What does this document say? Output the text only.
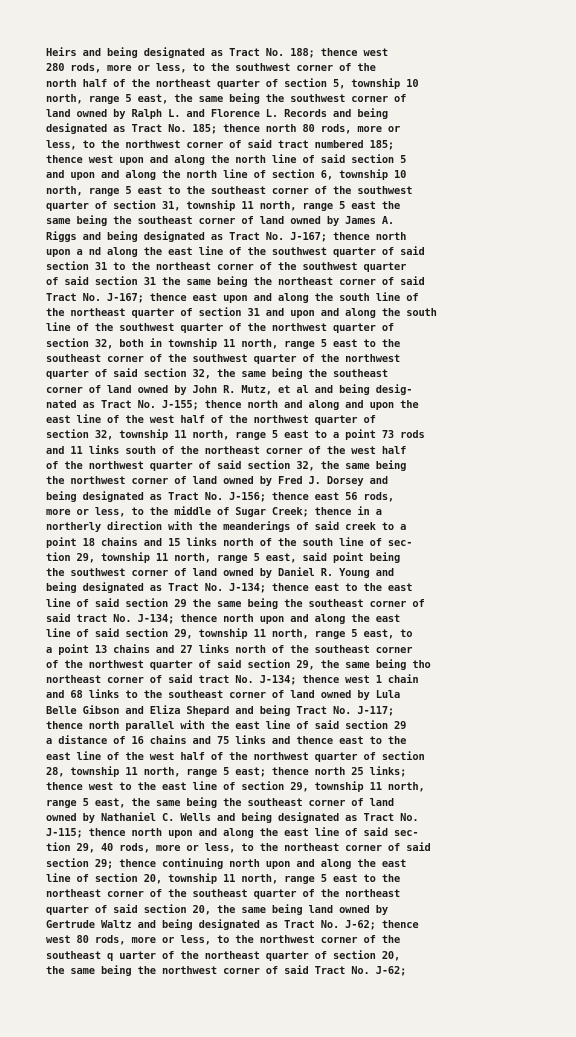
Heirs and being designated as Tract No. 188; thence west
280 rods, more or less, to the southwest corner of the
north half of the northeast quarter of section 5, township 10
north, range 5 east, the same being the southwest corner of
land owned by Ralph L. and Florence L. Records and being
designated as Tract No. 185; thence north 80 rods, more or
less, to the northwest corner of said tract numbered 185;
thence west upon and along the north line of said section 5
and upon and along the north line of section 6, township 10
north, range 5 east to the southeast corner of the southwest
quarter of section 31, township 11 north, range 5 east the
same being the southeast corner of land owned by James A.
Riggs and being designated as Tract No. J-167; thence north
upon a nd along the east line of the southwest quarter of said
section 31 to the northeast corner of the southwest quarter
of said section 31 the same being the northeast corner of said
Tract No. J-167; thence east upon and along the south line of
the northeast quarter of section 31 and upon and along the south
line of the southwest quarter of the northwest quarter of
section 32, both in township 11 north, range 5 east to the
southeast corner of the southwest quarter of the northwest
quarter of said section 32, the same being the southeast
corner of land owned by John R. Mutz, et al and being desig-
nated as Tract No. J-155; thence north and along and upon the
east line of the west half of the northwest quarter of
section 32, township 11 north, range 5 east to a point 73 rods
and 11 links south of the northeast corner of the west half
of the northwest quarter of said section 32, the same being
the northwest corner of land owned by Fred J. Dorsey and
being designated as Tract No. J-156; thence east 56 rods,
more or less, to the middle of Sugar Creek; thence in a
northerly direction with the meanderings of said creek to a
point 18 chains and 15 links north of the south line of sec-
tion 29, township 11 north, range 5 east, said point being
the southwest corner of land owned by Daniel R. Young and
being designated as Tract No. J-134; thence east to the east
line of said section 29 the same being the southeast corner of
said tract No. J-134; thence north upon and along the east
line of said section 29, township 11 north, range 5 east, to
a point 13 chains and 27 links north of the southeast corner
of the northwest quarter of said section 29, the same being tho
northeast corner of said tract No. J-134; thence west 1 chain
and 68 links to the southeast corner of land owned by Lula
Belle Gibson and Eliza Shepard and being Tract No. J-117;
thence north parallel with the east line of said section 29
a distance of 16 chains and 75 links and thence east to the
east line of the west half of the northwest quarter of section
28, township 11 north, range 5 east; thence north 25 links;
thence west to the east line of section 29, township 11 north,
range 5 east, the same being the southeast corner of land
owned by Nathaniel C. Wells and being designated as Tract No.
J-115; thence north upon and along the east line of said sec-
tion 29, 40 rods, more or less, to the northeast corner of said
section 29; thence continuing north upon and along the east
line of section 20, township 11 north, range 5 east to the
northeast corner of the southeast quarter of the northeast
quarter of said section 20, the same being land owned by
Gertrude Waltz and being designated as Tract No. J-62; thence
west 80 rods, more or less, to the northwest corner of the
southeast q uarter of the northeast quarter of section 20,
the same being the northwest corner of said Tract No. J-62;
